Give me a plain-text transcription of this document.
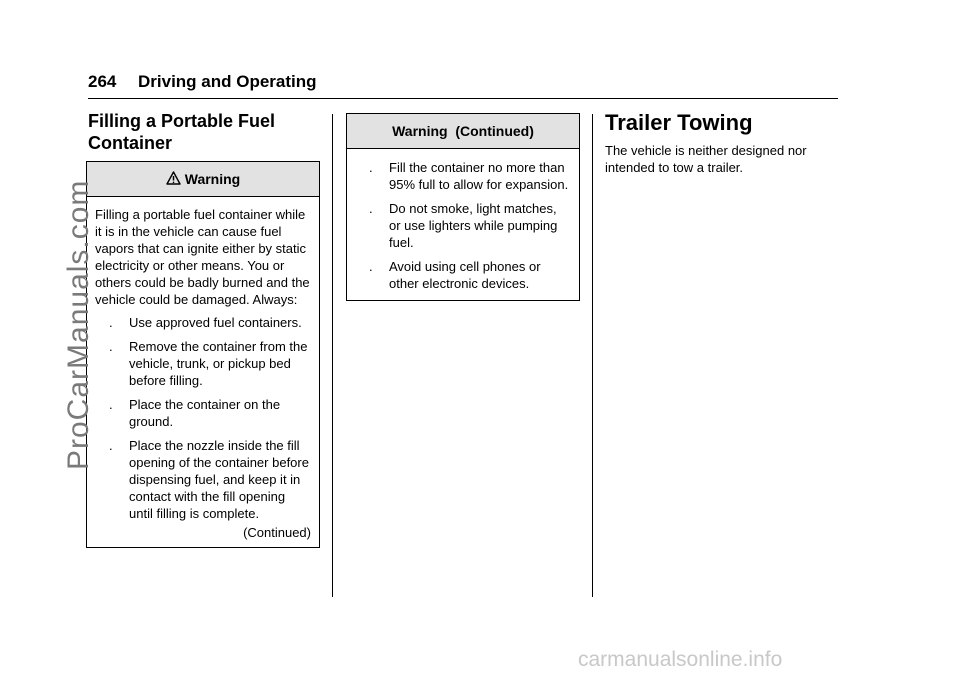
264 Driving and Operating
Filling a Portable Fuel Container
Warning

Filling a portable fuel container while it is in the vehicle can cause fuel vapors that can ignite either by static electricity or other means. You or others could be badly burned and the vehicle could be damaged. Always:

. Use approved fuel containers.
. Remove the container from the vehicle, trunk, or pickup bed before filling.
. Place the container on the ground.
. Place the nozzle inside the fill opening of the container before dispensing fuel, and keep it in contact with the fill opening until filling is complete.
(Continued)
Warning  (Continued)
. Fill the container no more than 95% full to allow for expansion.
. Do not smoke, light matches, or use lighters while pumping fuel.
. Avoid using cell phones or other electronic devices.
Trailer Towing

The vehicle is neither designed nor intended to tow a trailer.

ProCarManuals.com
carmanualsonline.info
